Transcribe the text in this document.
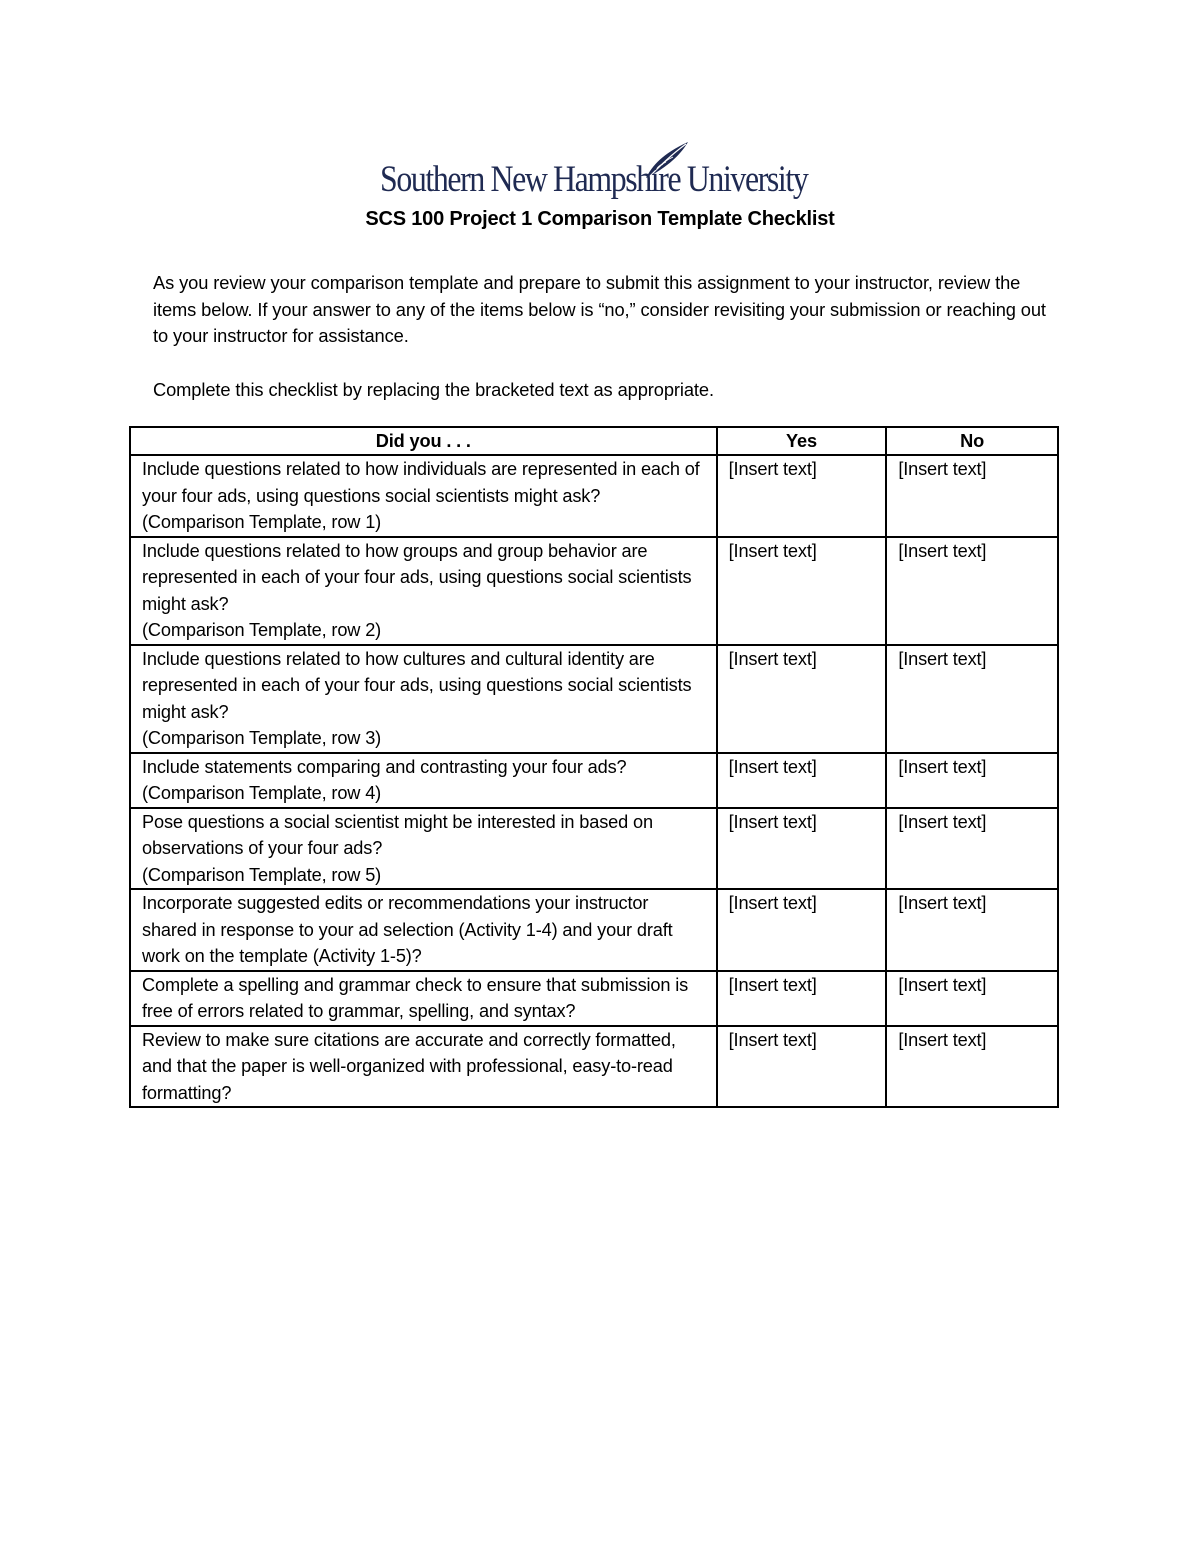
Southern New Hampshire University
SCS 100 Project 1 Comparison Template Checklist
As you review your comparison template and prepare to submit this assignment to your instructor, review the items below. If your answer to any of the items below is “no,” consider revisiting your submission or reaching out to your instructor for assistance.
Complete this checklist by replacing the bracketed text as appropriate.
Did you . . .	Yes	No

Include questions related to how individuals are represented in each of your four ads, using questions social scientists might ask?
(Comparison Template, row 1)	[Insert text]	[Insert text]

Include questions related to how groups and group behavior are represented in each of your four ads, using questions social scientists might ask?
(Comparison Template, row 2)	[Insert text]	[Insert text]

Include questions related to how cultures and cultural identity are represented in each of your four ads, using questions social scientists might ask?
(Comparison Template, row 3)	[Insert text]	[Insert text]

Include statements comparing and contrasting your four ads?
(Comparison Template, row 4)	[Insert text]	[Insert text]

Pose questions a social scientist might be interested in based on observations of your four ads?
(Comparison Template, row 5)	[Insert text]	[Insert text]

Incorporate suggested edits or recommendations your instructor shared in response to your ad selection (Activity 1-4) and your draft work on the template (Activity 1-5)?	[Insert text]	[Insert text]

Complete a spelling and grammar check to ensure that submission is free of errors related to grammar, spelling, and syntax?	[Insert text]	[Insert text]

Review to make sure citations are accurate and correctly formatted, and that the paper is well-organized with professional, easy-to-read formatting?	[Insert text]	[Insert text]
